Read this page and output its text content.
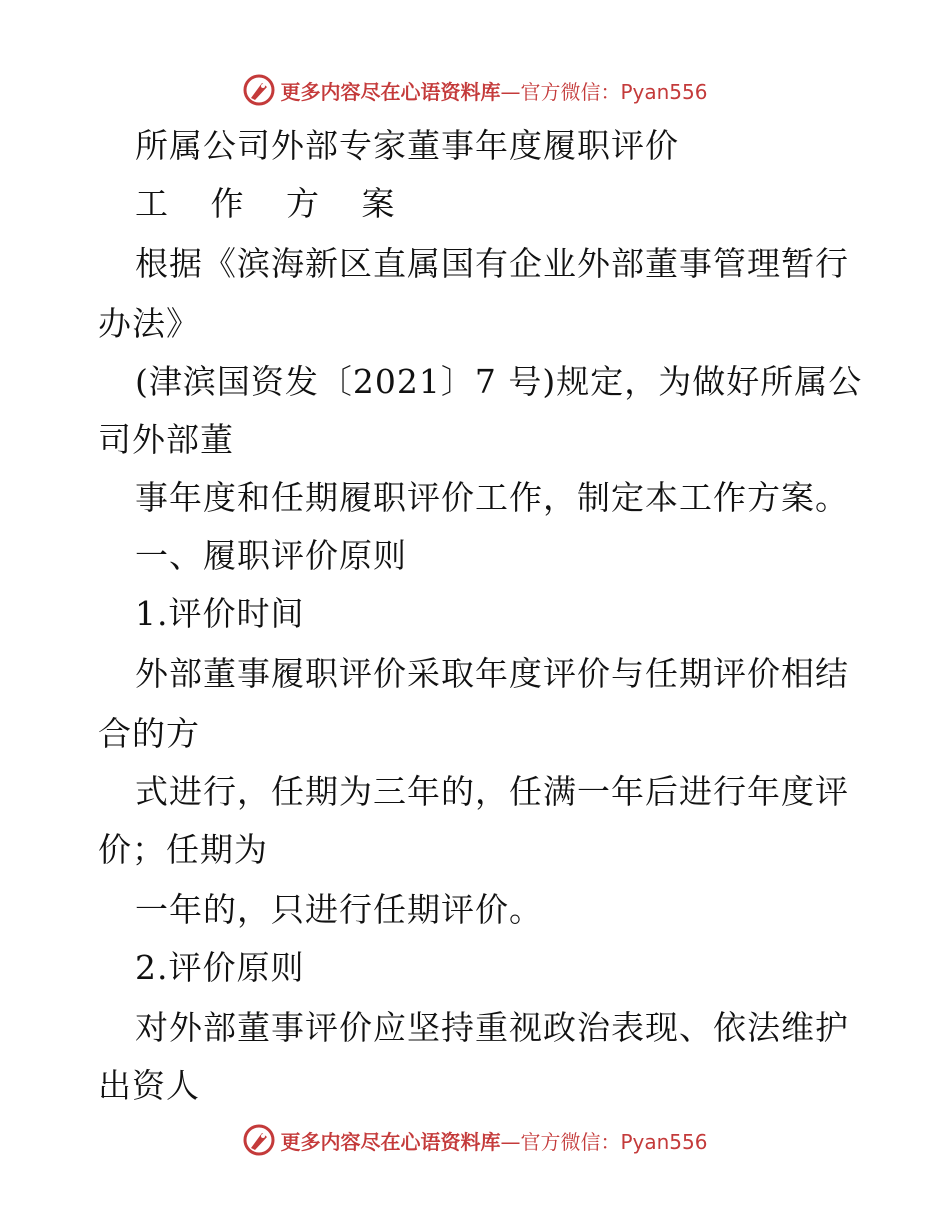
更多内容尽在心语资料库 —官方微信：Pyan556
所属公司外部专家董事年度履职评价
工 作 方 案
根据《滨海新区直属国有企业外部董事管理暂行
办法》
(津滨国资发〔2021〕7 号)规定，为做好所属公
司外部董
事年度和任期履职评价工作，制定本工作方案。
一、履职评价原则
1.评价时间
外部董事履职评价采取年度评价与任期评价相结
合的方
式进行，任期为三年的，任满一年后进行年度评
价；任期为
一年的，只进行任期评价。
2.评价原则
对外部董事评价应坚持重视政治表现、依法维护
出资人
更多内容尽在心语资料库 —官方微信：Pyan556
